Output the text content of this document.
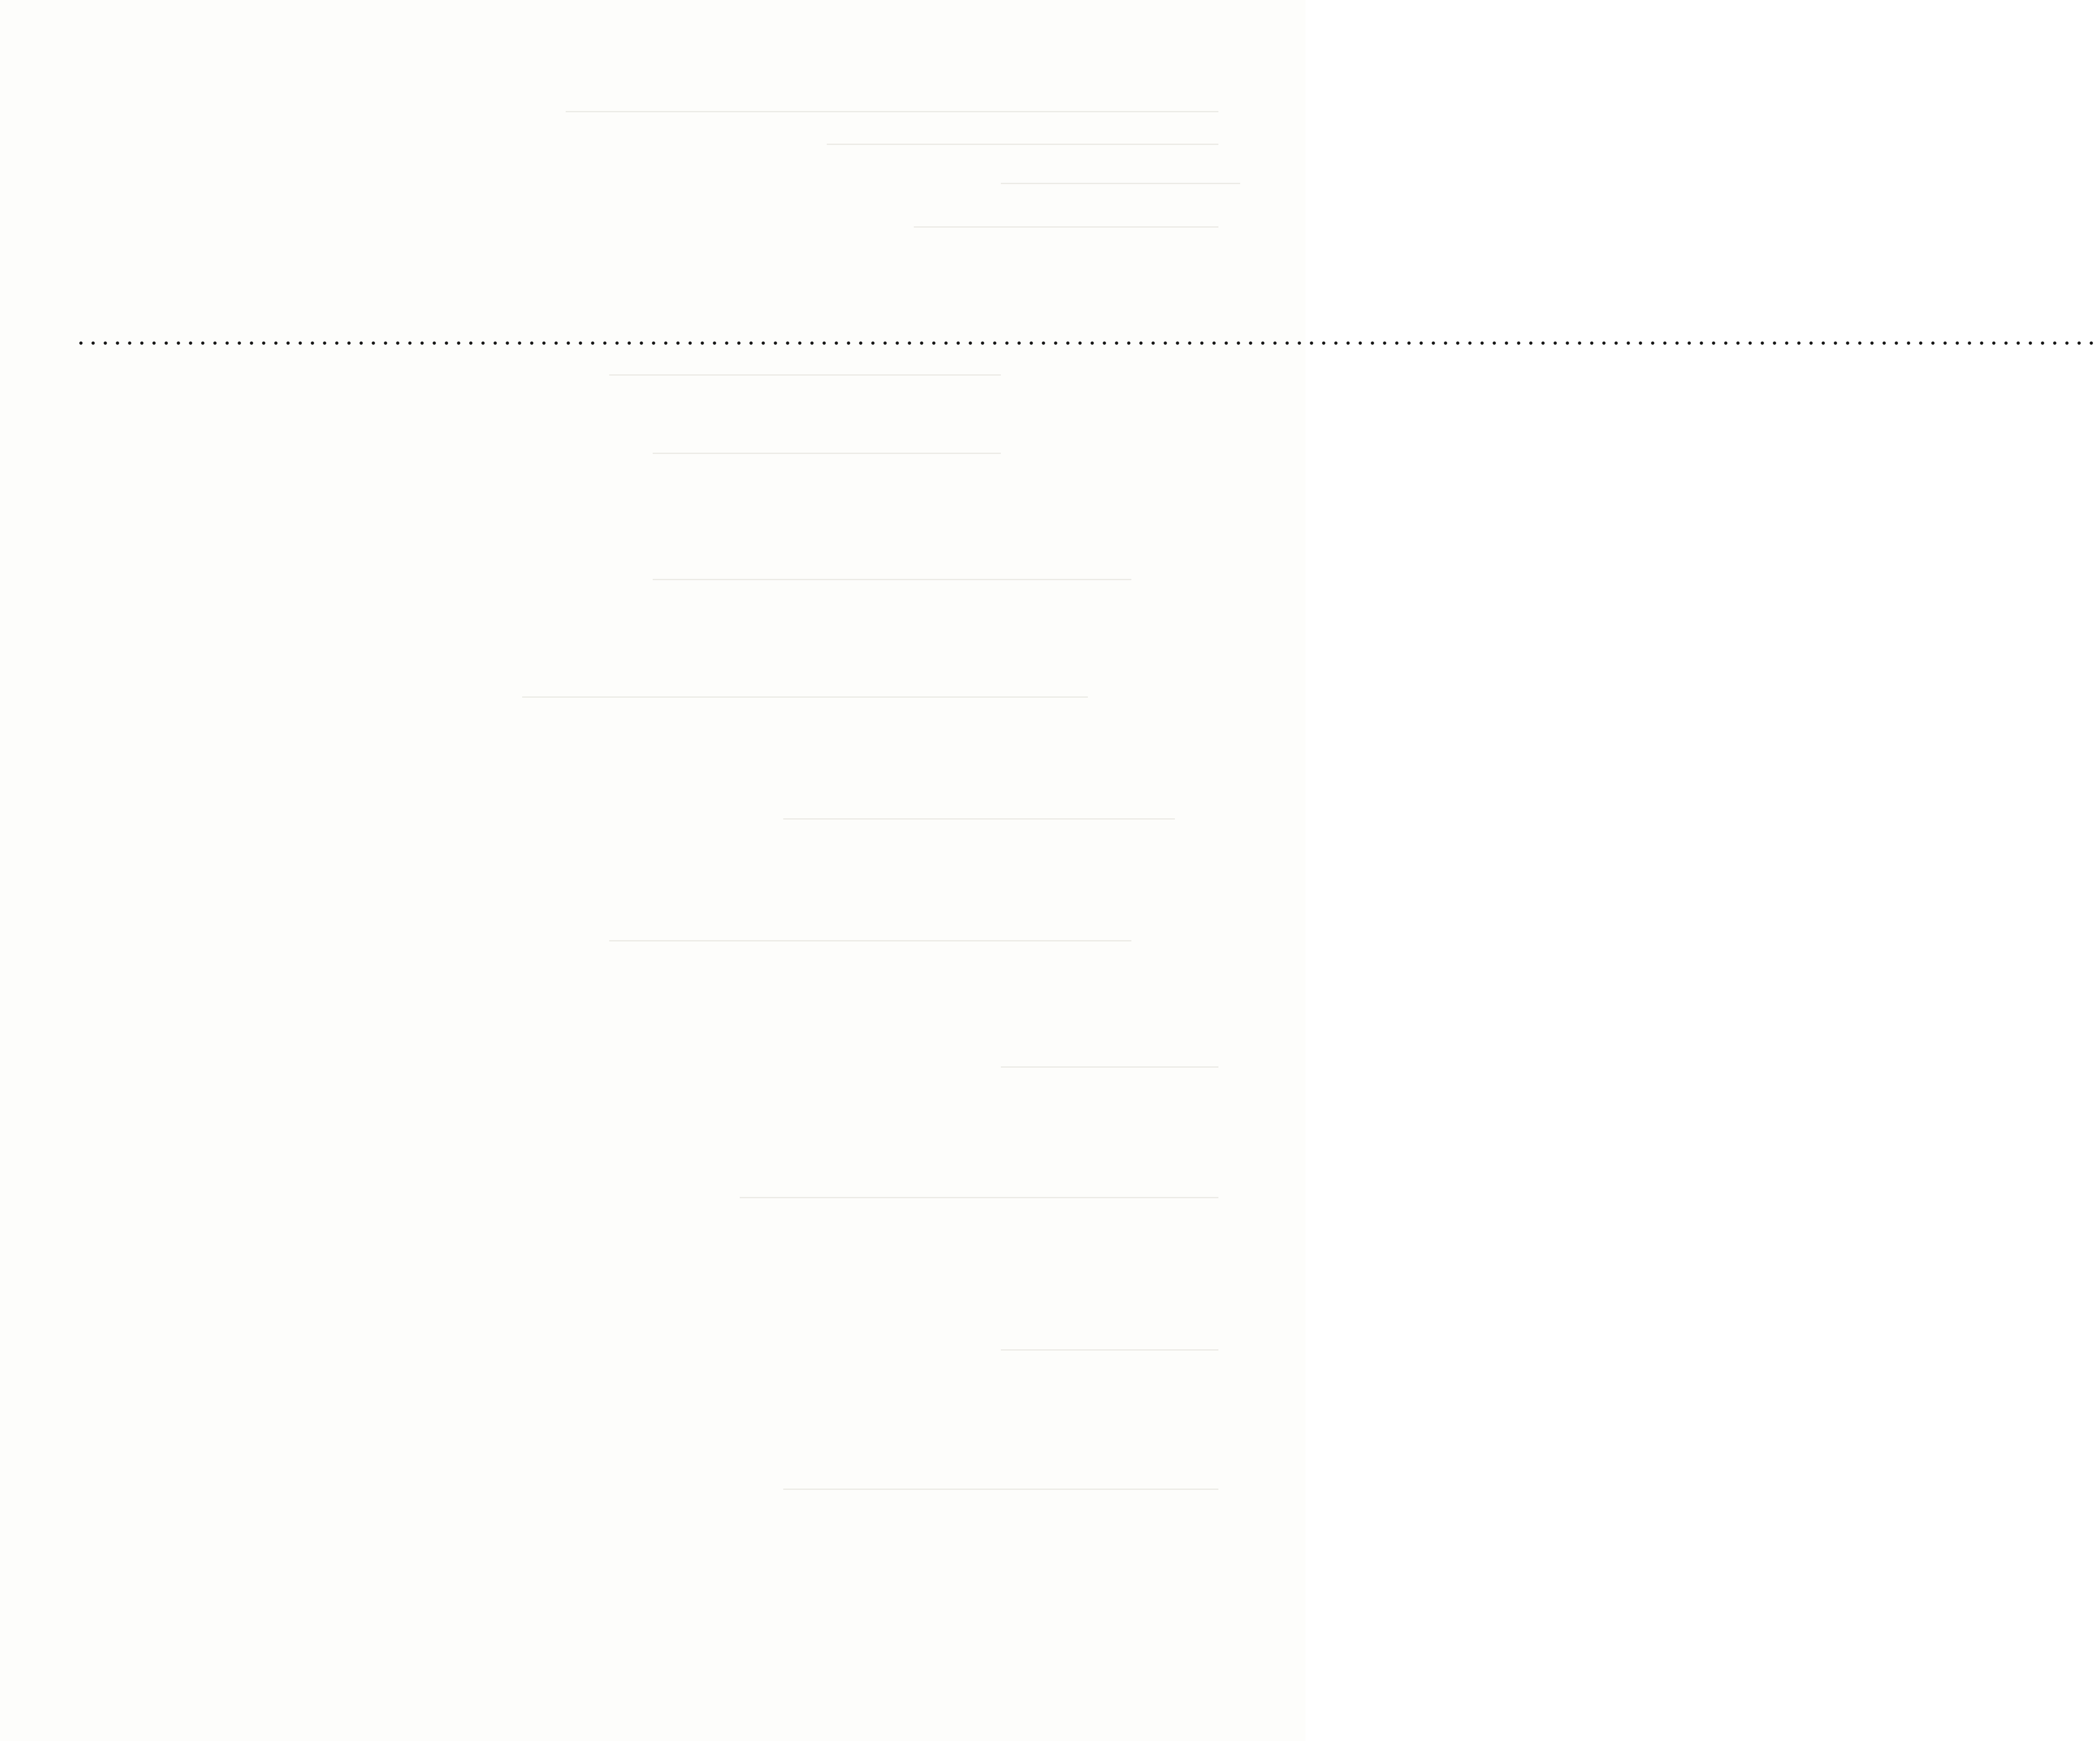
......................................................................................................................................................................
